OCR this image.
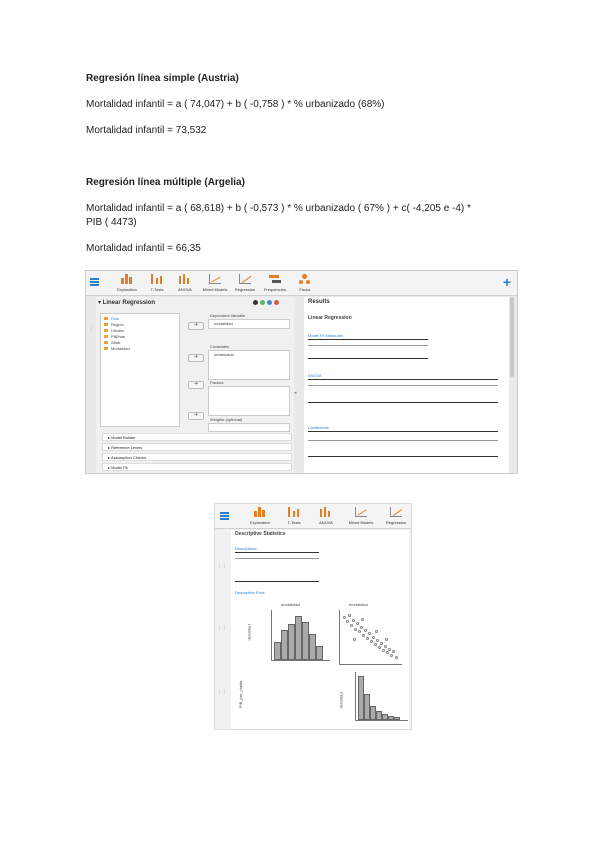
Regresión línea simple (Austria)
Mortalidad infantil = a ( 74,047) + b ( -0,758 ) * % urbanizado (68%)
Mortalidad infantil = 73,532
Regresión línea múltiple (Argelia)
Mortalidad infantil = a ( 68,618) + b ( -0,573 ) * % urbanizado ( 67% ) + c( -4,205 e -4) *
PIB ( 4473)
Mortalidad infantil = 66,35
Exploration	T-Tests	ANOVA	Mixed Models	Regression	Frequencies	Factor	+
▾ Linear Regression
País
Región
Urbano
PIB/hab
Alfab.
Mortalidad
➔
➔
➔
➔
Dependent Variable
mortalidad
Covariates
urbanizado
Factors
Weights (optional)
▸ Model Builder
▸ Reference Levels
▸ Assumption Checks
▸ Model Fit
⋮
◂
Results
Linear Regression
Model Fit Measures
ANOVA
Coefficients
Exploration	T-Tests	ANOVA	Mixed Models	Regression
⋮⋮
⋮⋮
⋮⋮
Descriptive Statistics
Descriptives
Descriptive Plots
mortalidad
densidad
mortalidad
PIB_per_cápita	densidad
